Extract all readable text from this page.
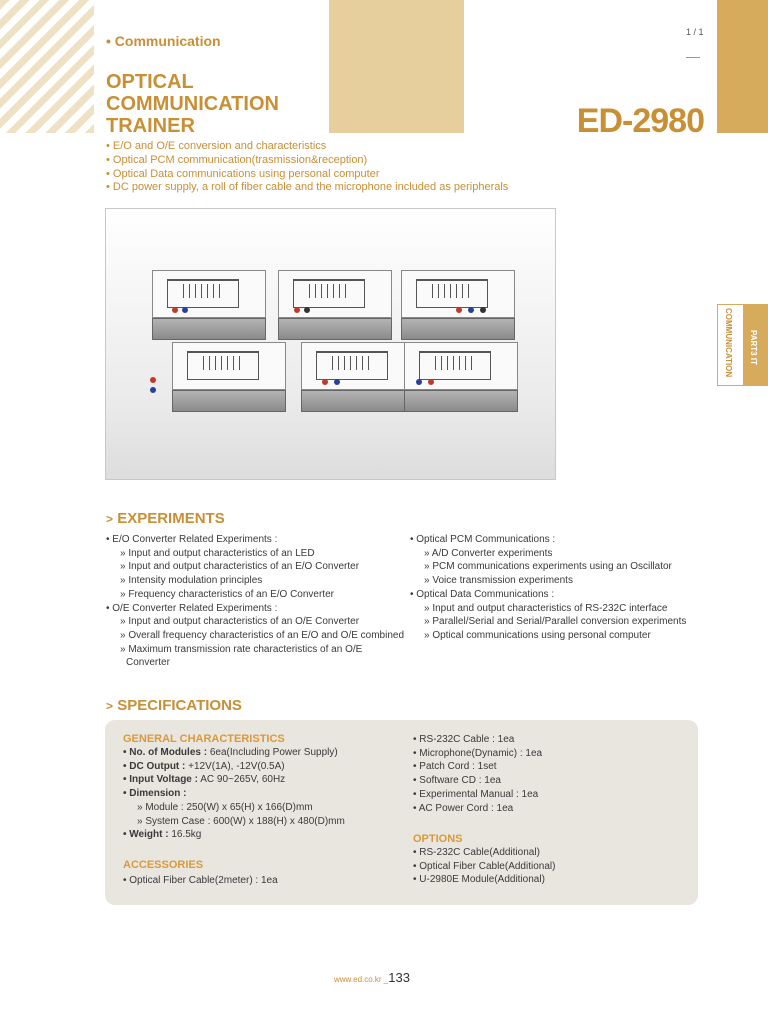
• Communication
OPTICAL
COMMUNICATION
TRAINER
1 / 1
ED-2980
• E/O and O/E conversion and characteristics
• Optical PCM communication(trasmission&reception)
• Optical Data communications using personal computer
• DC power supply, a roll of fiber cable and the microphone included as peripherals
COMMUNICATION PART3 IT
> EXPERIMENTS
• E/O Converter Related Experiments :
» Input and output characteristics of an LED
» Input and output characteristics of an E/O Converter
» Intensity modulation principles
» Frequency characteristics of an E/O Converter
• O/E Converter Related Experiments :
» Input and output characteristics of an O/E Converter
» Overall frequency characteristics of an E/O and O/E combined
» Maximum transmission rate characteristics of an O/E
Converter
• Optical PCM Communications :
» A/D Converter experiments
» PCM communications experiments using an Oscillator
» Voice transmission experiments
• Optical Data Communications :
» Input and output characteristics of RS-232C interface
» Parallel/Serial and Serial/Parallel conversion experiments
» Optical communications using personal computer
> SPECIFICATIONS
GENERAL CHARACTERISTICS
• No. of Modules : 6ea(Including Power Supply)
• DC Output : +12V(1A), -12V(0.5A)
• Input Voltage : AC 90~265V, 60Hz
• Dimension :
» Module : 250(W) x 65(H) x 166(D)mm
» System Case : 600(W) x 188(H) x 480(D)mm
• Weight : 16.5kg
ACCESSORIES
• Optical Fiber Cable(2meter) : 1ea
• RS-232C Cable : 1ea
• Microphone(Dynamic) : 1ea
• Patch Cord : 1set
• Software CD : 1ea
• Experimental Manual : 1ea
• AC Power Cord : 1ea
OPTIONS
• RS-232C Cable(Additional)
• Optical Fiber Cable(Additional)
• U-2980E Module(Additional)
www.ed.co.kr _133
